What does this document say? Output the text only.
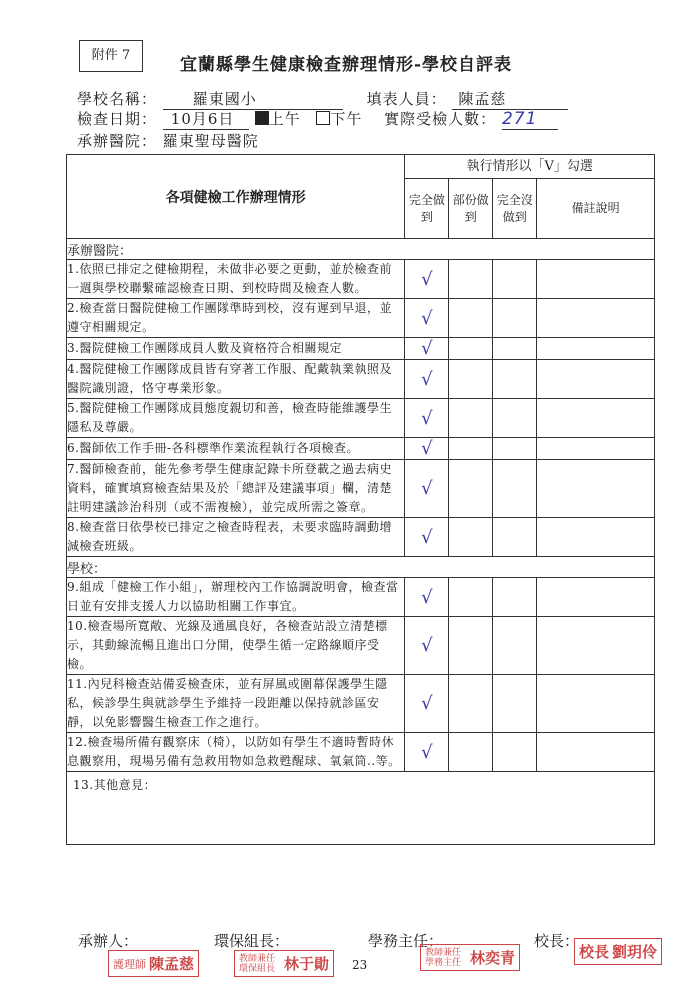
附件 7	宜蘭縣學生健康檢查辦理情形-學校自評表
學校名稱： 羅東國小	填表人員： 陳孟慈
檢查日期： 10月6日 上午 下午 實際受檢人數： 271
承辦醫院： 羅東聖母醫院
各項健檢工作辦理情形	執行情形以「V」勾選			
	完全做到	部份做到	完全沒做到	備註說明
承辦醫院：				
1.依照已排定之健檢期程，未做非必要之更動，並於檢查前一週與學校聯繫確認檢查日期、到校時間及檢查人數。	√			
2.檢查當日醫院健檢工作團隊準時到校，沒有遲到早退，並遵守相關規定。	√			
3.醫院健檢工作團隊成員人數及資格符合相關規定	√			
4.醫院健檢工作團隊成員皆有穿著工作服、配戴執業執照及醫院識別證，恪守專業形象。	√			
5.醫院健檢工作團隊成員態度親切和善，檢查時能維護學生隱私及尊嚴。	√			
6.醫師依工作手冊-各科標準作業流程執行各項檢查。	√			
7.醫師檢查前，能先參考學生健康記錄卡所登載之過去病史資料，確實填寫檢查結果及於「總評及建議事項」欄，清楚註明建議診治科別（或不需複檢），並完成所需之簽章。	√			
8.檢查當日依學校已排定之檢查時程表，未要求臨時調動增減檢查班級。	√			
學校：				
9.組成「健檢工作小組」，辦理校內工作協調說明會，檢查當日並有安排支援人力以協助相關工作事宜。	√			
10.檢查場所寬敞、光線及通風良好，各檢查站設立清楚標示，其動線流暢且進出口分開，使學生循一定路線順序受檢。	√			
11.內兒科檢查站備妥檢查床，並有屏風或圍幕保護學生隱私，候診學生與就診學生予維持一段距離以保持就診區安靜，以免影響醫生檢查工作之進行。	√			
12.檢查場所備有觀察床（椅），以防如有學生不適時暫時休息觀察用，現場另備有急救用物如急救甦醒球、氧氣筒..等。	√			

13.其他意見：				
承辦人：	環保組長：	學務主任：	校長：
護理師 陳孟慈	教師兼任環保組長 林于勛
教師兼任學務主任 林奕青	校長 劉玥伶
23
